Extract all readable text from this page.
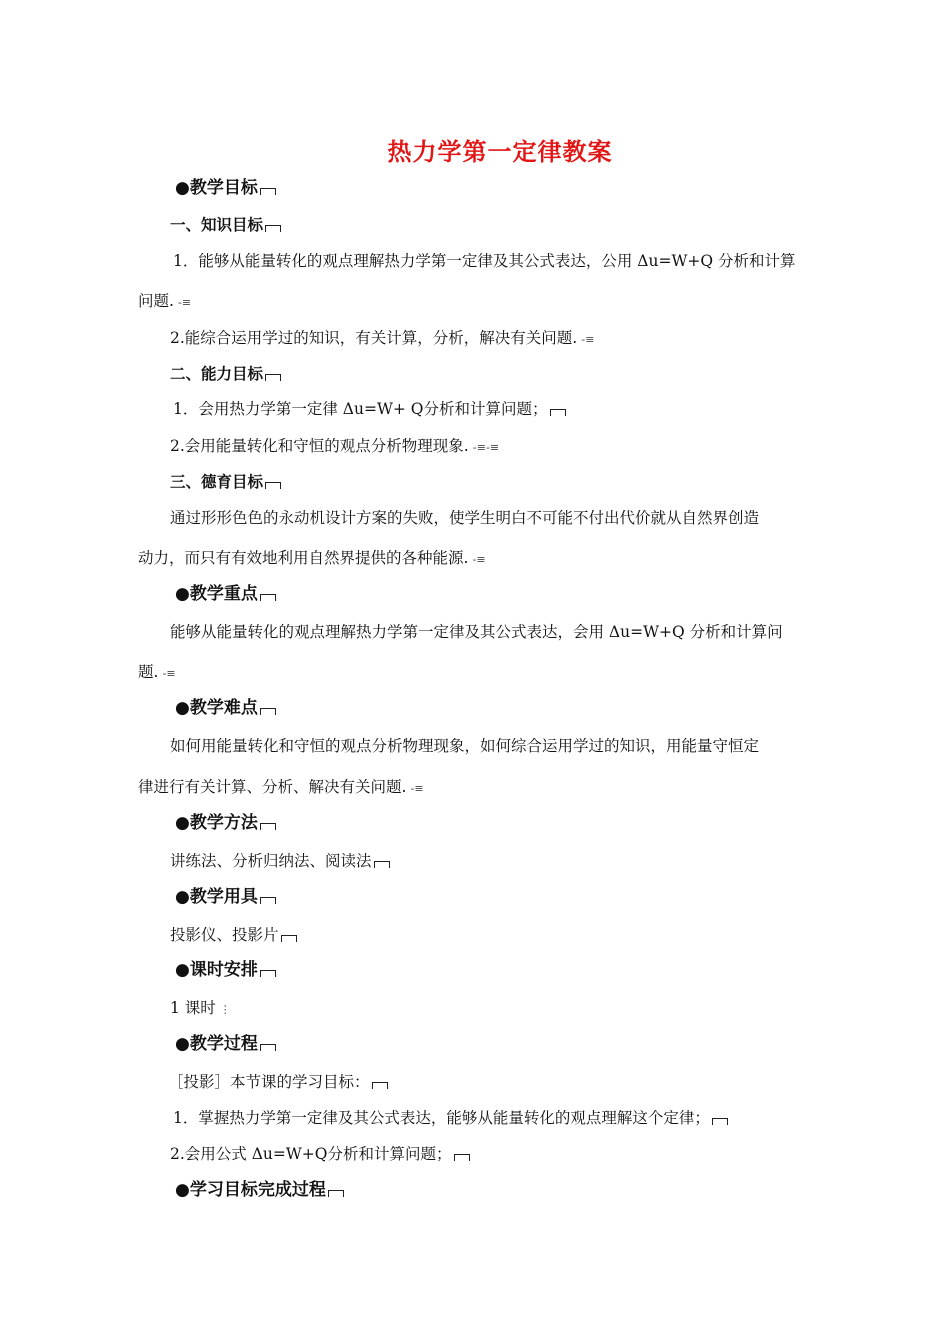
热力学第一定律教案
●教学目标
一、知识目标
1．能够从能量转化的观点理解热力学第一定律及其公式表达，公用 Δu=W+Q 分析和计算
问题. -≡
2.能综合运用学过的知识，有关计算，分析，解决有关问题. -≡
二、能力目标
1．会用热力学第一定律 Δu=W+ Q分析和计算问题；
2.会用能量转化和守恒的观点分析物理现象. -≡-≡
三、德育目标
通过形形色色的永动机设计方案的失败，使学生明白不可能不付出代价就从自然界创造
动力，而只有有效地利用自然界提供的各种能源. -≡
●教学重点
能够从能量转化的观点理解热力学第一定律及其公式表达，会用 Δu=W+Q 分析和计算问
题. -≡
●教学难点
如何用能量转化和守恒的观点分析物理现象，如何综合运用学过的知识，用能量守恒定
律进行有关计算、分析、解决有关问题. -≡
●教学方法
讲练法、分析归纳法、阅读法
●教学用具
投影仪、投影片
●课时安排
1 课时 ⋮
●教学过程
［投影］本节课的学习目标：
1．掌握热力学第一定律及其公式表达，能够从能量转化的观点理解这个定律；
2.会用公式 Δu=W+Q分析和计算问题；
●学习目标完成过程
